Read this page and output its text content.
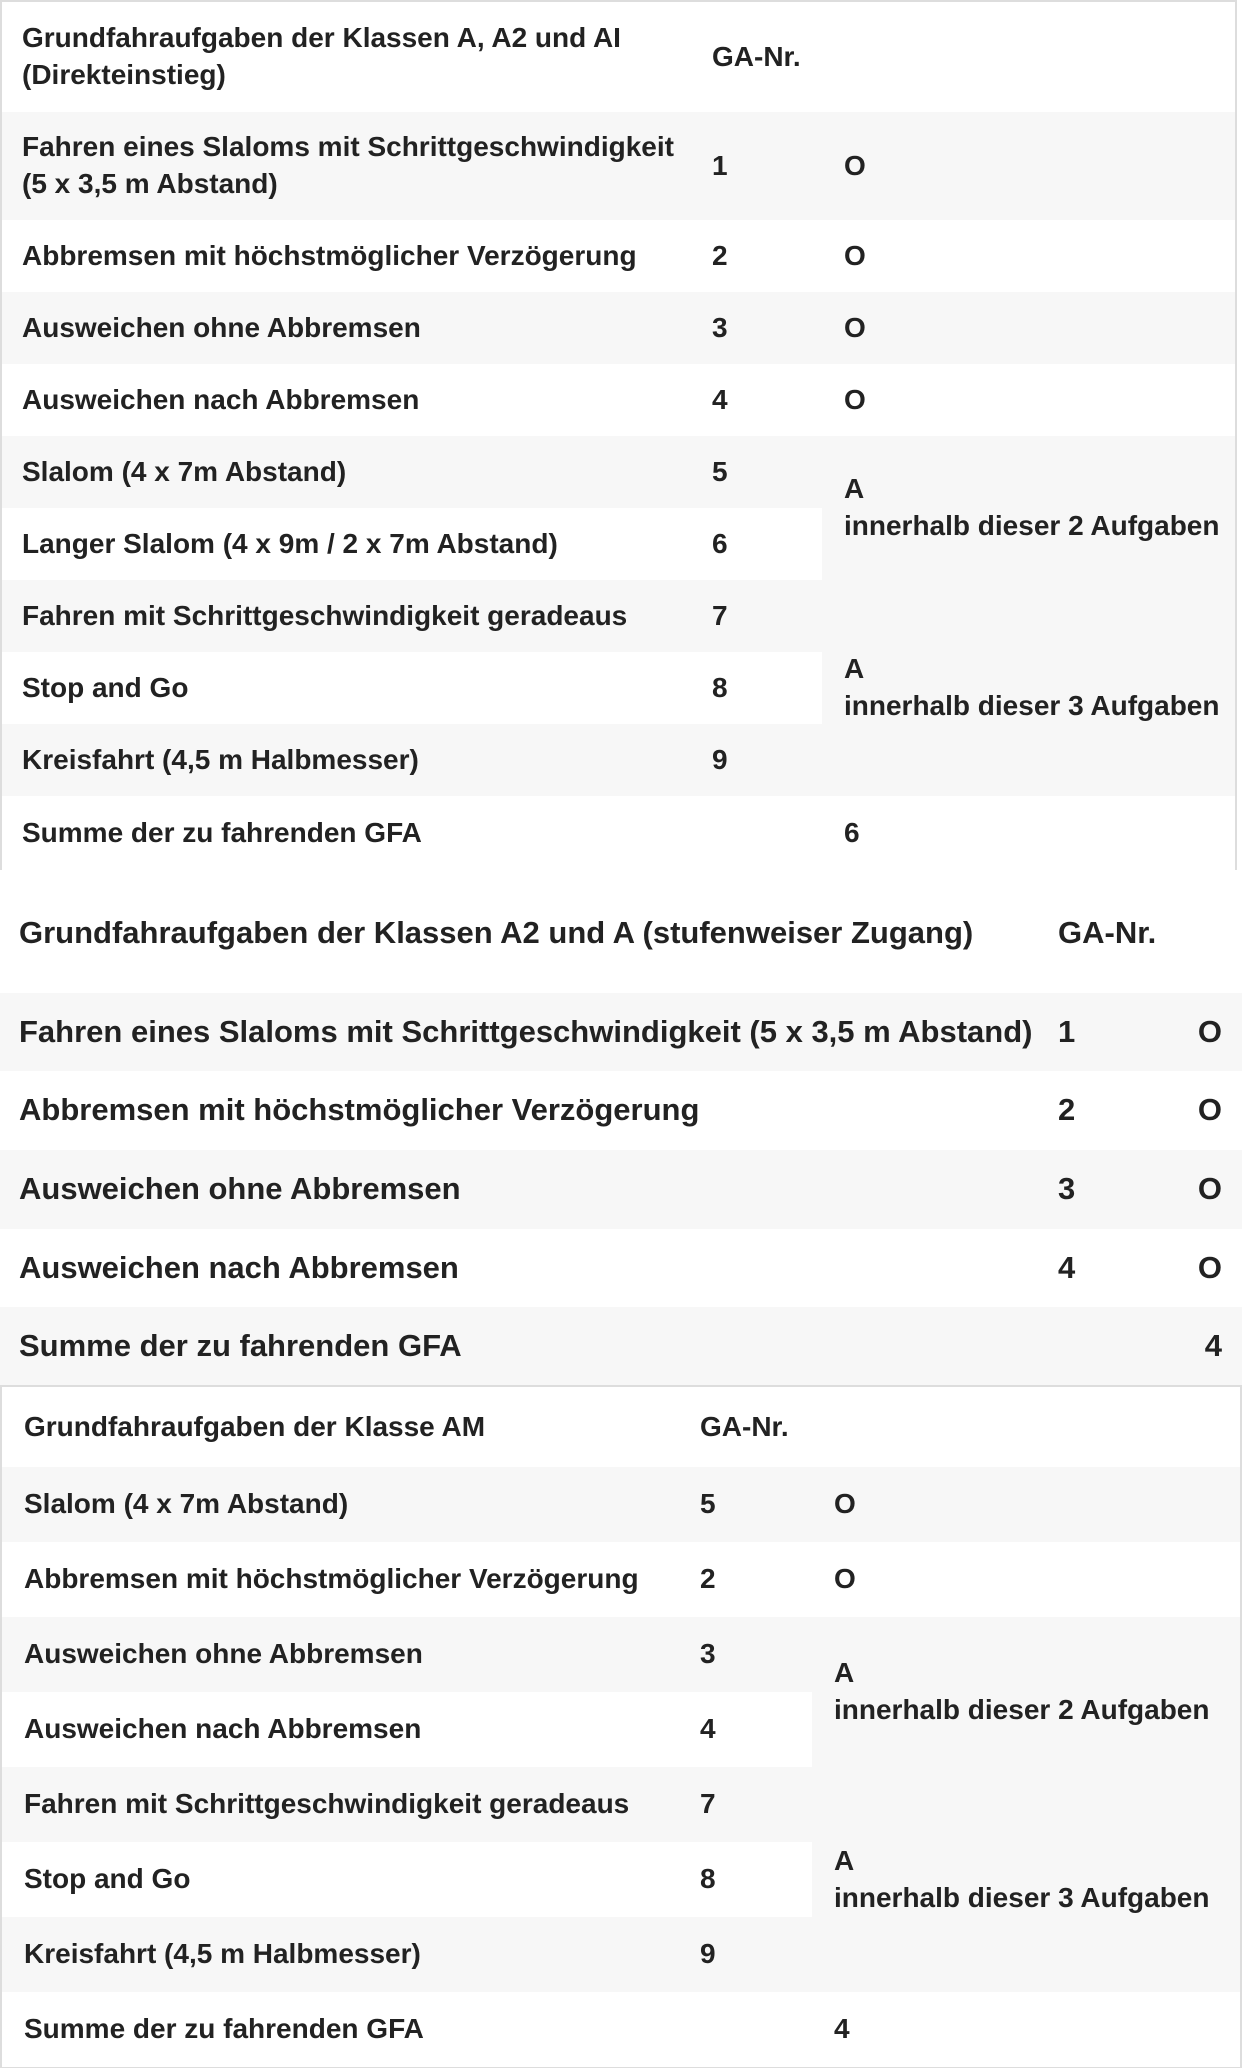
Grundfahraufgaben der Klassen A, A2 und AI (Direkteinstieg)	GA-Nr.	
Fahren eines Slaloms mit Schrittgeschwindigkeit (5 x 3,5 m Abstand)	1	O
Abbremsen mit höchstmöglicher Verzögerung	2	O
Ausweichen ohne Abbremsen	3	O
Ausweichen nach Abbremsen	4	O
Slalom (4 x 7m Abstand)	5	A
innerhalb dieser 2 Aufgaben

Langer Slalom (4 x 9m / 2 x 7m Abstand)	6	
Fahren mit Schrittgeschwindigkeit geradeaus	7	A
innerhalb dieser 3 Aufgaben

Stop and Go	8	
Kreisfahrt (4,5 m Halbmesser)	9	
Summe der zu fahrenden GFA		6
Grundfahraufgaben der Klassen A2 und A (stufenweiser Zugang)	GA-Nr.	
Fahren eines Slaloms mit Schrittgeschwindigkeit (5 x 3,5 m Abstand)	1	O
Abbremsen mit höchstmöglicher Verzögerung	2	O
Ausweichen ohne Abbremsen	3	O
Ausweichen nach Abbremsen	4	O
Summe der zu fahrenden GFA		4
Grundfahraufgaben der Klasse AM	GA-Nr.	
Slalom (4 x 7m Abstand)	5	O
Abbremsen mit höchstmöglicher Verzögerung	2	O
Ausweichen ohne Abbremsen	3	A
innerhalb dieser 2 Aufgaben

Ausweichen nach Abbremsen	4	
Fahren mit Schrittgeschwindigkeit geradeaus	7	A
innerhalb dieser 3 Aufgaben

Stop and Go	8	
Kreisfahrt (4,5 m Halbmesser)	9	
Summe der zu fahrenden GFA		4
